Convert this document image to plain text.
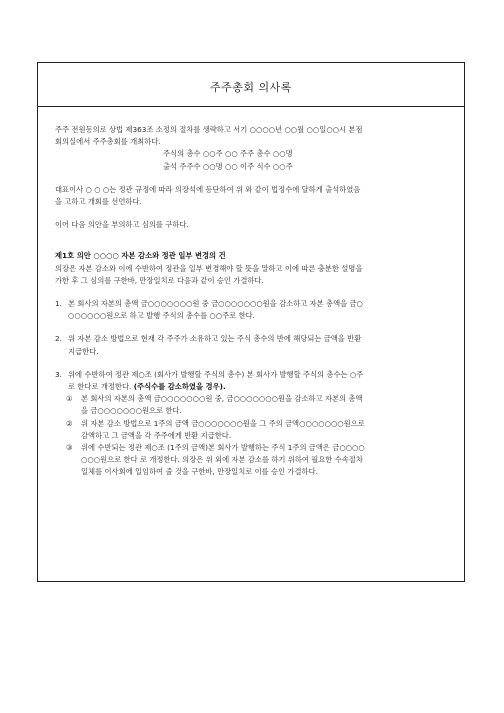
주주총회 의사록

주주 전원동의로 상법 제363조 소정의 절차를 생략하고 서기 ○○○○년 ○○월 ○○일○○시 본점

회의실에서 주주총회를 개최하다.

주식의 총수 ○○주 ○○ 주주 총수 ○○명

출석 주주수 ○○명 ○○ 이주 식수 ○○주

대표이사 ○ ○ ○는 정관 규정에 따라 의장석에 등단하여 위 와 같이 법정수에 달하게 출석하였음

을 고하고 개회를 선언하다.

이어 다음 의안을 부의하고 심의를 구하다.

제1호 의안 ○○○○ 자본 감소와 정관 일부 변경의 건

의장은 자본 감소와 이에 수반하여 정관을 일부 변경해야 할 뜻을 말하고 이에 따른 충분한 설명을

가한 후 그 심의를 구한바, 만장일치로 다음과 같이 승인 가결하다.

1. 본 회사의 자본의 총액 금○○○○○○○원 중 금○○○○○○○원을 감소하고 자본 총액을 금○

○○○○○○원으로 하고 발행 주식의 총수를 ○○주로 한다.

2. 위 자본 감소 방법으로 현재 각 주주가 소유하고 있는 주식 총수의 반에 해당되는 금액을 반환

지급한다.

3. 위에 수반하여 정관 제○조 (회사가 발행할 주식의 총수) 본 회사가 발행할 주식의 총수는 ○주

로 한다로 개정한다. (주식수를 감소하였을 경우).

① 본 회사의 자본의 총액 금○○○○○○○원 중, 금○○○○○○○원을 감소하고 자본의 총액

을 금○○○○○○○원으로 한다.

② 위 자본 감소 방법으로 1주의 금액 금○○○○○○○원을 그 주의 금액○○○○○○○원으로

감액하고 그 금액을 각 주주에게 반환 지급한다.

③ 위에 수반되는 정관 제○조 (1주의 금액)본 회사가 발행하는 주식 1주의 금액은 금○○○○

○○○원으로 한다 로 개정한다. 의장은 위 외에 자본 감소를 하기 위하여 필요한 수속절차

일체를 이사회에 일임하여 줄 것을 구한바, 만장일치로 이를 승인 가결하다.
